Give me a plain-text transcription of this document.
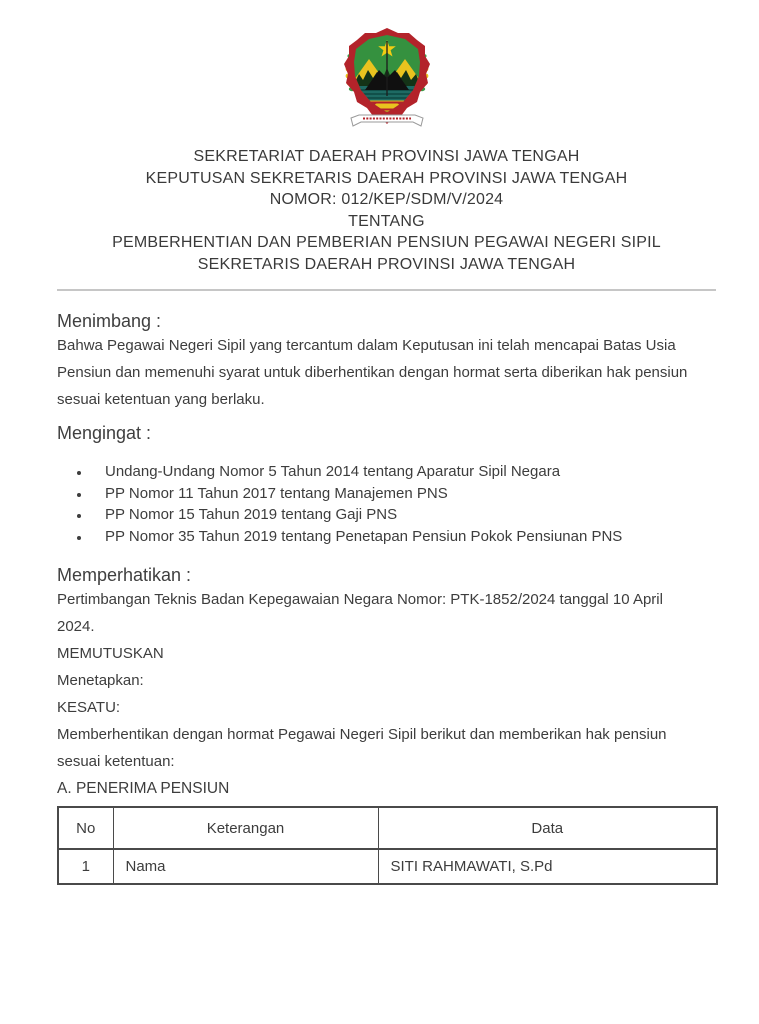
SEKRETARIAT DAERAH PROVINSI JAWA TENGAH
KEPUTUSAN SEKRETARIS DAERAH PROVINSI JAWA TENGAH
NOMOR: 012/KEP/SDM/V/2024
TENTANG
PEMBERHENTIAN DAN PEMBERIAN PENSIUN PEGAWAI NEGERI SIPIL
SEKRETARIS DAERAH PROVINSI JAWA TENGAH
Menimbang :

Bahwa Pegawai Negeri Sipil yang tercantum dalam Keputusan ini telah mencapai Batas Usia Pensiun dan memenuhi syarat untuk diberhentikan dengan hormat serta diberikan hak pensiun sesuai ketentuan yang berlaku.

Mengingat :
• Undang-Undang Nomor 5 Tahun 2014 tentang Aparatur Sipil Negara
• PP Nomor 11 Tahun 2017 tentang Manajemen PNS
• PP Nomor 15 Tahun 2019 tentang Gaji PNS
• PP Nomor 35 Tahun 2019 tentang Penetapan Pensiun Pokok Pensiunan PNS
Memperhatikan :

Pertimbangan Teknis Badan Kepegawaian Negara Nomor: PTK-1852/2024 tanggal 10 April 2024.

MEMUTUSKAN

Menetapkan:

KESATU:

Memberhentikan dengan hormat Pegawai Negeri Sipil berikut dan memberikan hak pensiun sesuai ketentuan:

A. PENERIMA PENSIUN
No	Keterangan	Data
1	Nama	SITI RAHMAWATI, S.Pd
